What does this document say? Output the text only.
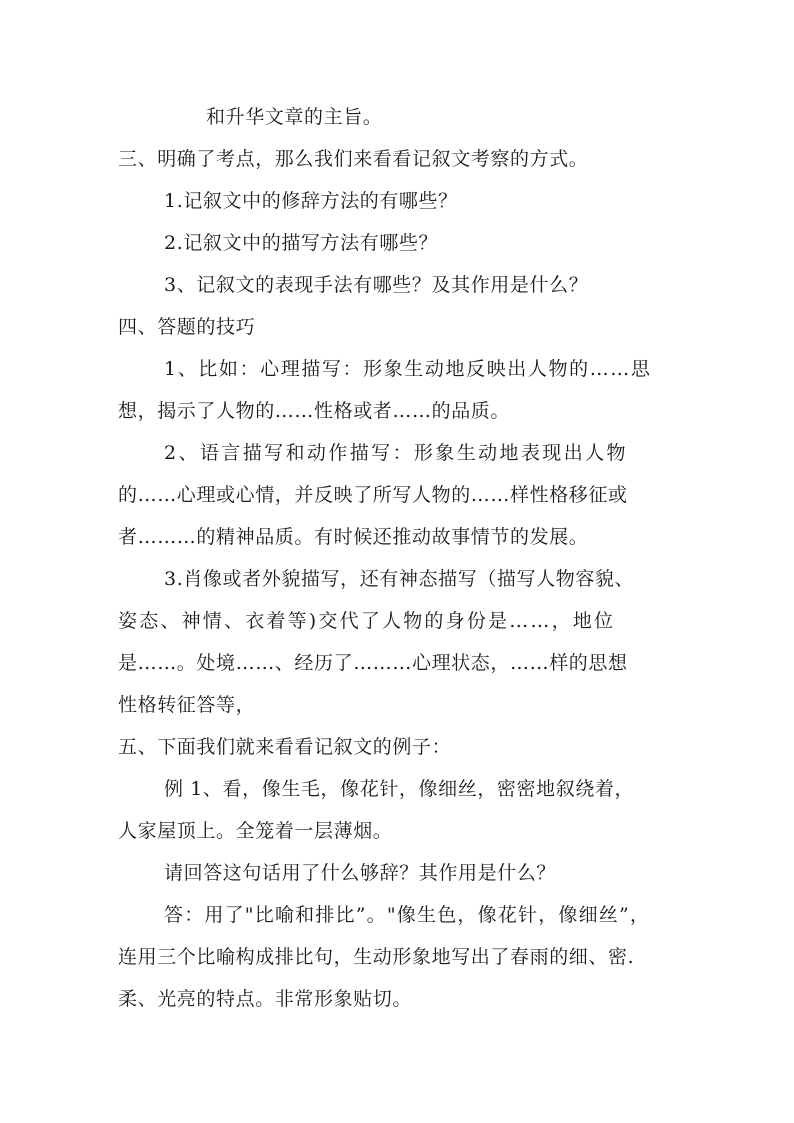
和升华文章的主旨。

三、明确了考点，那么我们来看看记叙文考察的方式。

1.记叙文中的修辞方法的有哪些？

2.记叙文中的描写方法有哪些？

3、记叙文的表现手法有哪些？及其作用是什么？

四、答题的技巧

1、比如：心理描写：形象生动地反映出人物的……思

想，揭示了人物的……性格或者……的品质。

2、语言描写和动作描写：形象生动地表现出人物

的……心理或心情，并反映了所写人物的……样性格移征或

者………的精神品质。有时候还推动故事情节的发展。

3.肖像或者外貌描写，还有神态描写（描写人物容貌、

姿态、神情、衣着等)交代了人物的身份是……，地位

是……。处境……、经历了………心理状态，……样的思想

性格转征答等，

五、下面我们就来看看记叙文的例子：

例 1、看，像生毛，像花针，像细丝，密密地叙绕着，

人家屋顶上。全笼着一层薄烟。

请回答这句话用了什么够辞？其作用是什么？

答：用了"比喻和排比”。"像生色，像花针，像细丝”，

连用三个比喻构成排比句，生动形象地写出了春雨的细、密.

柔、光亮的特点。非常形象贴切。
